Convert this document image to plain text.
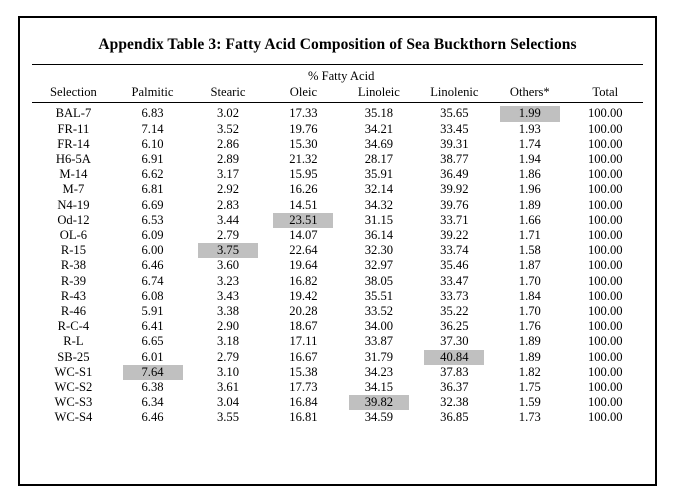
Appendix Table 3: Fatty Acid Composition of Sea Buckthorn Selections
	% Fatty Acid						
Selection	Palmitic	Stearic	Oleic	Linoleic	Linolenic	Others*	Total
BAL-7	6.83	3.02	17.33	35.18	35.65	1.99	100.00
FR-11	7.14	3.52	19.76	34.21	33.45	1.93	100.00
FR-14	6.10	2.86	15.30	34.69	39.31	1.74	100.00
H6-5A	6.91	2.89	21.32	28.17	38.77	1.94	100.00
M-14	6.62	3.17	15.95	35.91	36.49	1.86	100.00
M-7	6.81	2.92	16.26	32.14	39.92	1.96	100.00
N4-19	6.69	2.83	14.51	34.32	39.76	1.89	100.00
Od-12	6.53	3.44	23.51	31.15	33.71	1.66	100.00
OL-6	6.09	2.79	14.07	36.14	39.22	1.71	100.00
R-15	6.00	3.75	22.64	32.30	33.74	1.58	100.00
R-38	6.46	3.60	19.64	32.97	35.46	1.87	100.00
R-39	6.74	3.23	16.82	38.05	33.47	1.70	100.00
R-43	6.08	3.43	19.42	35.51	33.73	1.84	100.00
R-46	5.91	3.38	20.28	33.52	35.22	1.70	100.00
R-C-4	6.41	2.90	18.67	34.00	36.25	1.76	100.00
R-L	6.65	3.18	17.11	33.87	37.30	1.89	100.00
SB-25	6.01	2.79	16.67	31.79	40.84	1.89	100.00
WC-S1	7.64	3.10	15.38	34.23	37.83	1.82	100.00
WC-S2	6.38	3.61	17.73	34.15	36.37	1.75	100.00
WC-S3	6.34	3.04	16.84	39.82	32.38	1.59	100.00
WC-S4	6.46	3.55	16.81	34.59	36.85	1.73	100.00
